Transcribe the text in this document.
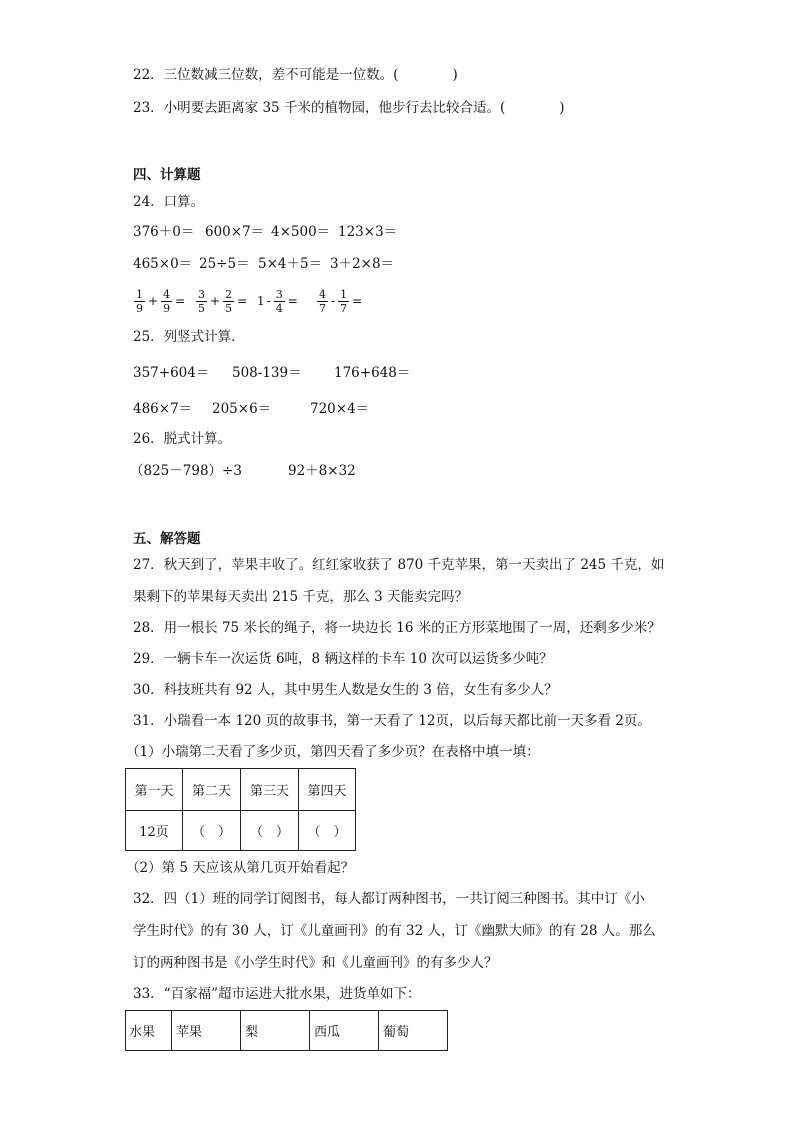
22．三位数减三位数，差不可能是一位数。(　　　　)
23．小明要去距离家 35 千米的植物园，他步行去比较合适。(　　　　)
四、计算题
24．口算。
376＋0＝ 600×7＝ 4×500＝ 123×3＝
465×0＝ 25÷5＝ 5×4＋5＝ 3＋2×8＝
$\frac{1}{9} + \frac{4}{9} = \frac{3}{5} + \frac{2}{5} = 1 - \frac{3}{4} = \frac{4}{7} - \frac{1}{7}$ =
25．列竖式计算．
357+604＝ 508-139＝ 176+648＝
486×7＝ 205×6＝	720×4＝
26．脱式计算。
（825－798）÷3	92＋8×32
五、解答题
27．秋天到了，苹果丰收了。红红家收获了 870 千克苹果，第一天卖出了 245 千克，如
果剩下的苹果每天卖出 215 千克，那么 3 天能卖完吗？
28．用一根长 75 米长的绳子，将一块边长 16 米的正方形菜地围了一周，还剩多少米？
29．一辆卡车一次运货 6吨，8 辆这样的卡车 10 次可以运货多少吨？
30．科技班共有 92 人，其中男生人数是女生的 3 倍，女生有多少人？
31．小瑞看一本 120 页的故事书，第一天看了 12页，以后每天都比前一天多看 2页。
（1）小瑞第二天看了多少页，第四天看了多少页？在表格中填一填：
第一天	第二天	第三天	第四天
12页	（　）	（　）	（　）
（2）第 5 天应该从第几页开始看起？
32．四（1）班的同学订阅图书，每人都订两种图书，一共订阅三种图书。其中订《小
学生时代》的有 30 人，订《儿童画刊》的有 32 人，订《幽默大师》的有 28 人。那么
订的两种图书是《小学生时代》和《儿童画刊》的有多少人？
33．“百家福”超市运进大批水果，进货单如下：
水果	苹果	梨	西瓜	葡萄
